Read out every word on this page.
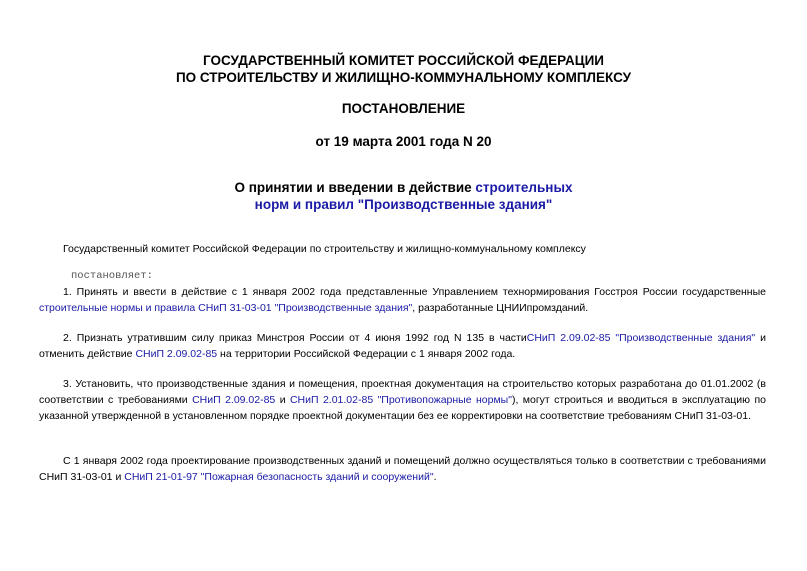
ГОСУДАРСТВЕННЫЙ КОМИТЕТ РОССИЙСКОЙ ФЕДЕРАЦИИ
ПО СТРОИТЕЛЬСТВУ И ЖИЛИЩНО-КОММУНАЛЬНОМУ КОМПЛЕКСУ
ПОСТАНОВЛЕНИЕ
от 19 марта 2001 года N 20
О принятии и введении в действие строительных
норм и правил "Производственные здания"
Государственный комитет Российской Федерации по строительству и жилищно-коммунальному комплексу
постановляет:
1. Принять и ввести в действие с 1 января 2002 года представленные Управлением технормирования Госстроя России государственные строительные нормы и правила СНиП 31-03-01 "Производственные здания", разработанные ЦНИИпромзданий.
2. Признать утратившим силу приказ Минстроя России от 4 июня 1992 год N 135 в частиСНиП 2.09.02-85 "Производственные здания" и отменить действие СНиП 2.09.02-85 на территории Российской Федерации с 1 января 2002 года.
3. Установить, что производственные здания и помещения, проектная документация на строительство которых разработана до 01.01.2002 (в соответствии с требованиями СНиП 2.09.02-85 и СНиП 2.01.02-85 "Противопожарные нормы"), могут строиться и вводиться в эксплуатацию по указанной утвержденной в установленном порядке проектной документации без ее корректировки на соответствие требованиям СНиП 31-03-01.
С 1 января 2002 года проектирование производственных зданий и помещений должно осуществляться только в соответствии с требованиями СНиП 31-03-01 и СНиП 21-01-97 "Пожарная безопасность зданий и сооружений".
